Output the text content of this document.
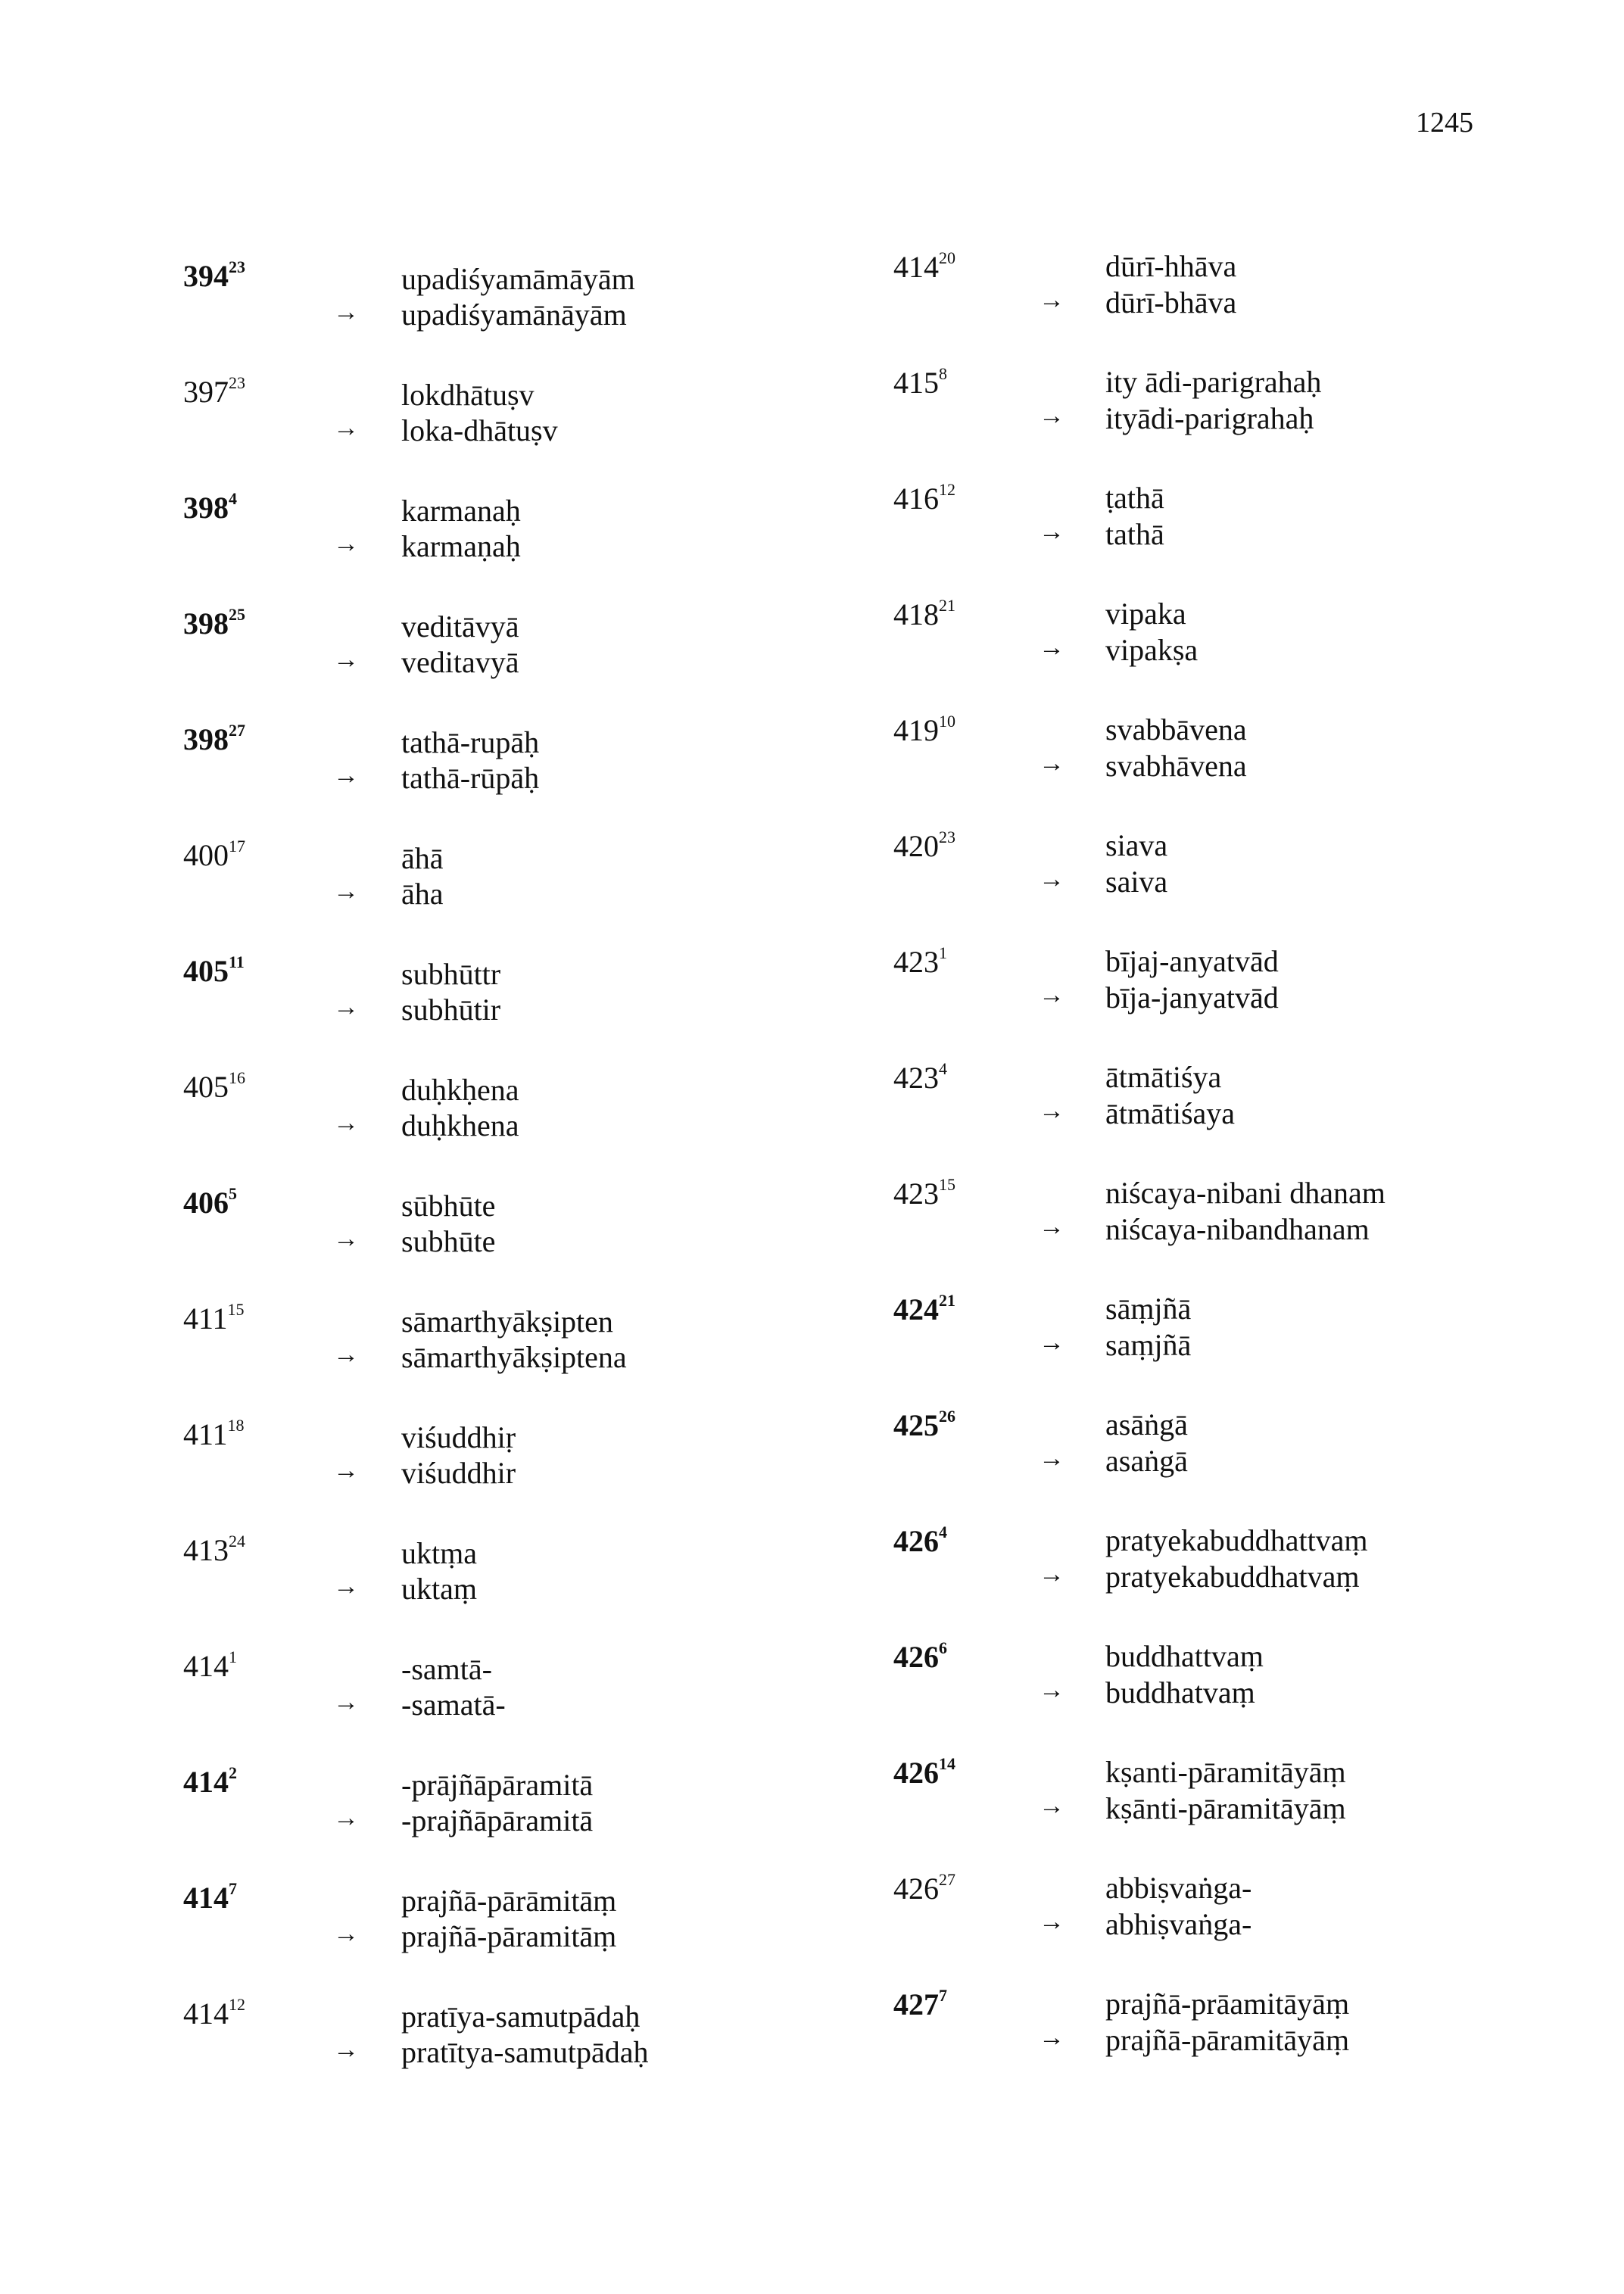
1245
$394^{23}$	upadiśyamāmāyām
→ upadiśyamānāyām
$397^{23}$	lokdhātuṣv
→ loka-dhātuṣv
$398^4$	karmanaḥ
→ karmaṇaḥ
$398^{25}$	veditāvyā
→ veditavyā
$398^{27}$	tathā-rupāḥ
→ tathā-rūpāḥ
$400^{17}$	āhā
→ āha
$405^{11}$	subhūttr
→ subhūtir
$405^{16}$	duḥkḥena
→ duḥkhena
$406^5$	sūbhūte
→ subhūte
$411^{15}$	sāmarthyākṣipten
→ sāmarthyākṣiptena
$411^{18}$	viśuddhiṛ
→ viśuddhir
$413^{24}$	uktṃa
→ uktaṃ
$414^1$	-samtā-
→ -samatā-
$414^2$	-prājñāpāramitā
→ -prajñāpāramitā
$414^7$	prajñā-pārāmitāṃ
→ prajñā-pāramitāṃ
$414^{12}$	pratīya-samutpādaḥ
→ pratītya-samutpādaḥ
$414^{20}$	dūrī-hhāva
→ dūrī-bhāva
$415^8$	ity ādi-parigrahaḥ
→ ityādi-parigrahaḥ
$416^{12}$	ṭathā
→ tathā
$418^{21}$	vipaka
→ vipakṣa
$419^{10}$	svabbāvena
→ svabhāvena
$420^{23}$	siava
→ saiva
$423^1$	bījaj-anyatvād
→ bīja-janyatvād
$423^4$	ātmātiśya
→ ātmātiśaya
$423^{15}$	niścaya-nibani dhanam
→ niścaya-nibandhanam
$424^{21}$	sāṃjñā
→ saṃjñā
$425^{26}$	asāṅgā
→ asaṅgā
$426^4$	pratyekabuddhattvaṃ
→ pratyekabuddhatvaṃ
$426^6$	buddhattvaṃ
→ buddhatvaṃ
$426^{14}$	kṣanti-pāramitāyāṃ
→ kṣānti-pāramitāyāṃ
$426^{27}$	abbiṣvaṅga-
→ abhiṣvaṅga-
$427^7$	prajñā-prāamitāyāṃ
→ prajñā-pāramitāyāṃ
